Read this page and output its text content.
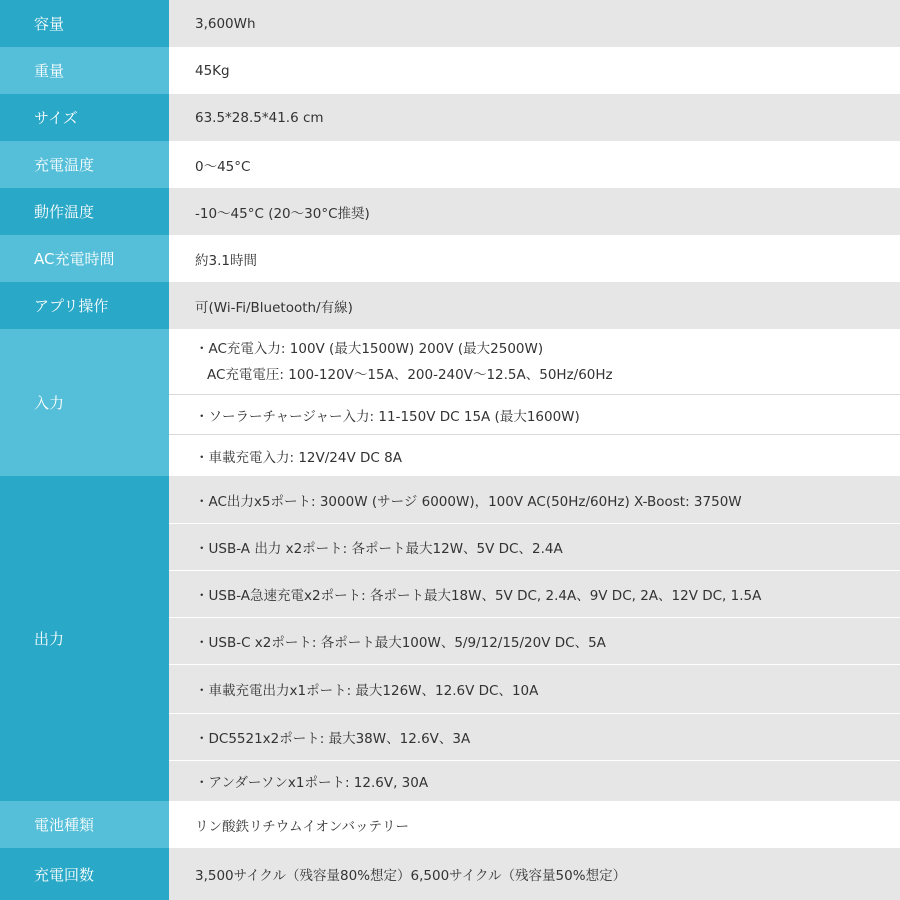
容量	3,600Wh
重量	45Kg
サイズ	63.5*28.5*41.6 cm
充電温度	0～45°C
動作温度	-10～45°C (20～30°C推奨)
AC充電時間	約3.1時間
アプリ操作	可(Wi-Fi/Bluetooth/有線)
入力
・AC充電入力: 100V (最大1500W) 200V (最大2500W)
AC充電電圧: 100-120V～15A、200-240V～12.5A、50Hz/60Hz
・ソーラーチャージャー入力: 11-150V DC 15A (最大1600W)
・車載充電入力: 12V/24V DC 8A
出力
・AC出力x5ポート: 3000W (サージ 6000W)，100V AC(50Hz/60Hz) X-Boost: 3750W
・USB-A 出力 x2ポート: 各ポート最大12W、5V DC、2.4A
・USB-A急速充電x2ポート: 各ポート最大18W、5V DC, 2.4A、9V DC, 2A、12V DC, 1.5A
・USB-C x2ポート: 各ポート最大100W、5/9/12/15/20V DC、5A
・車載充電出力x1ポート: 最大126W、12.6V DC、10A
・DC5521x2ポート: 最大38W、12.6V、3A
・アンダーソンx1ポート: 12.6V, 30A
電池種類	リン酸鉄リチウムイオンバッテリー
充電回数	3,500サイクル（残容量80%想定）6,500サイクル（残容量50%想定）
